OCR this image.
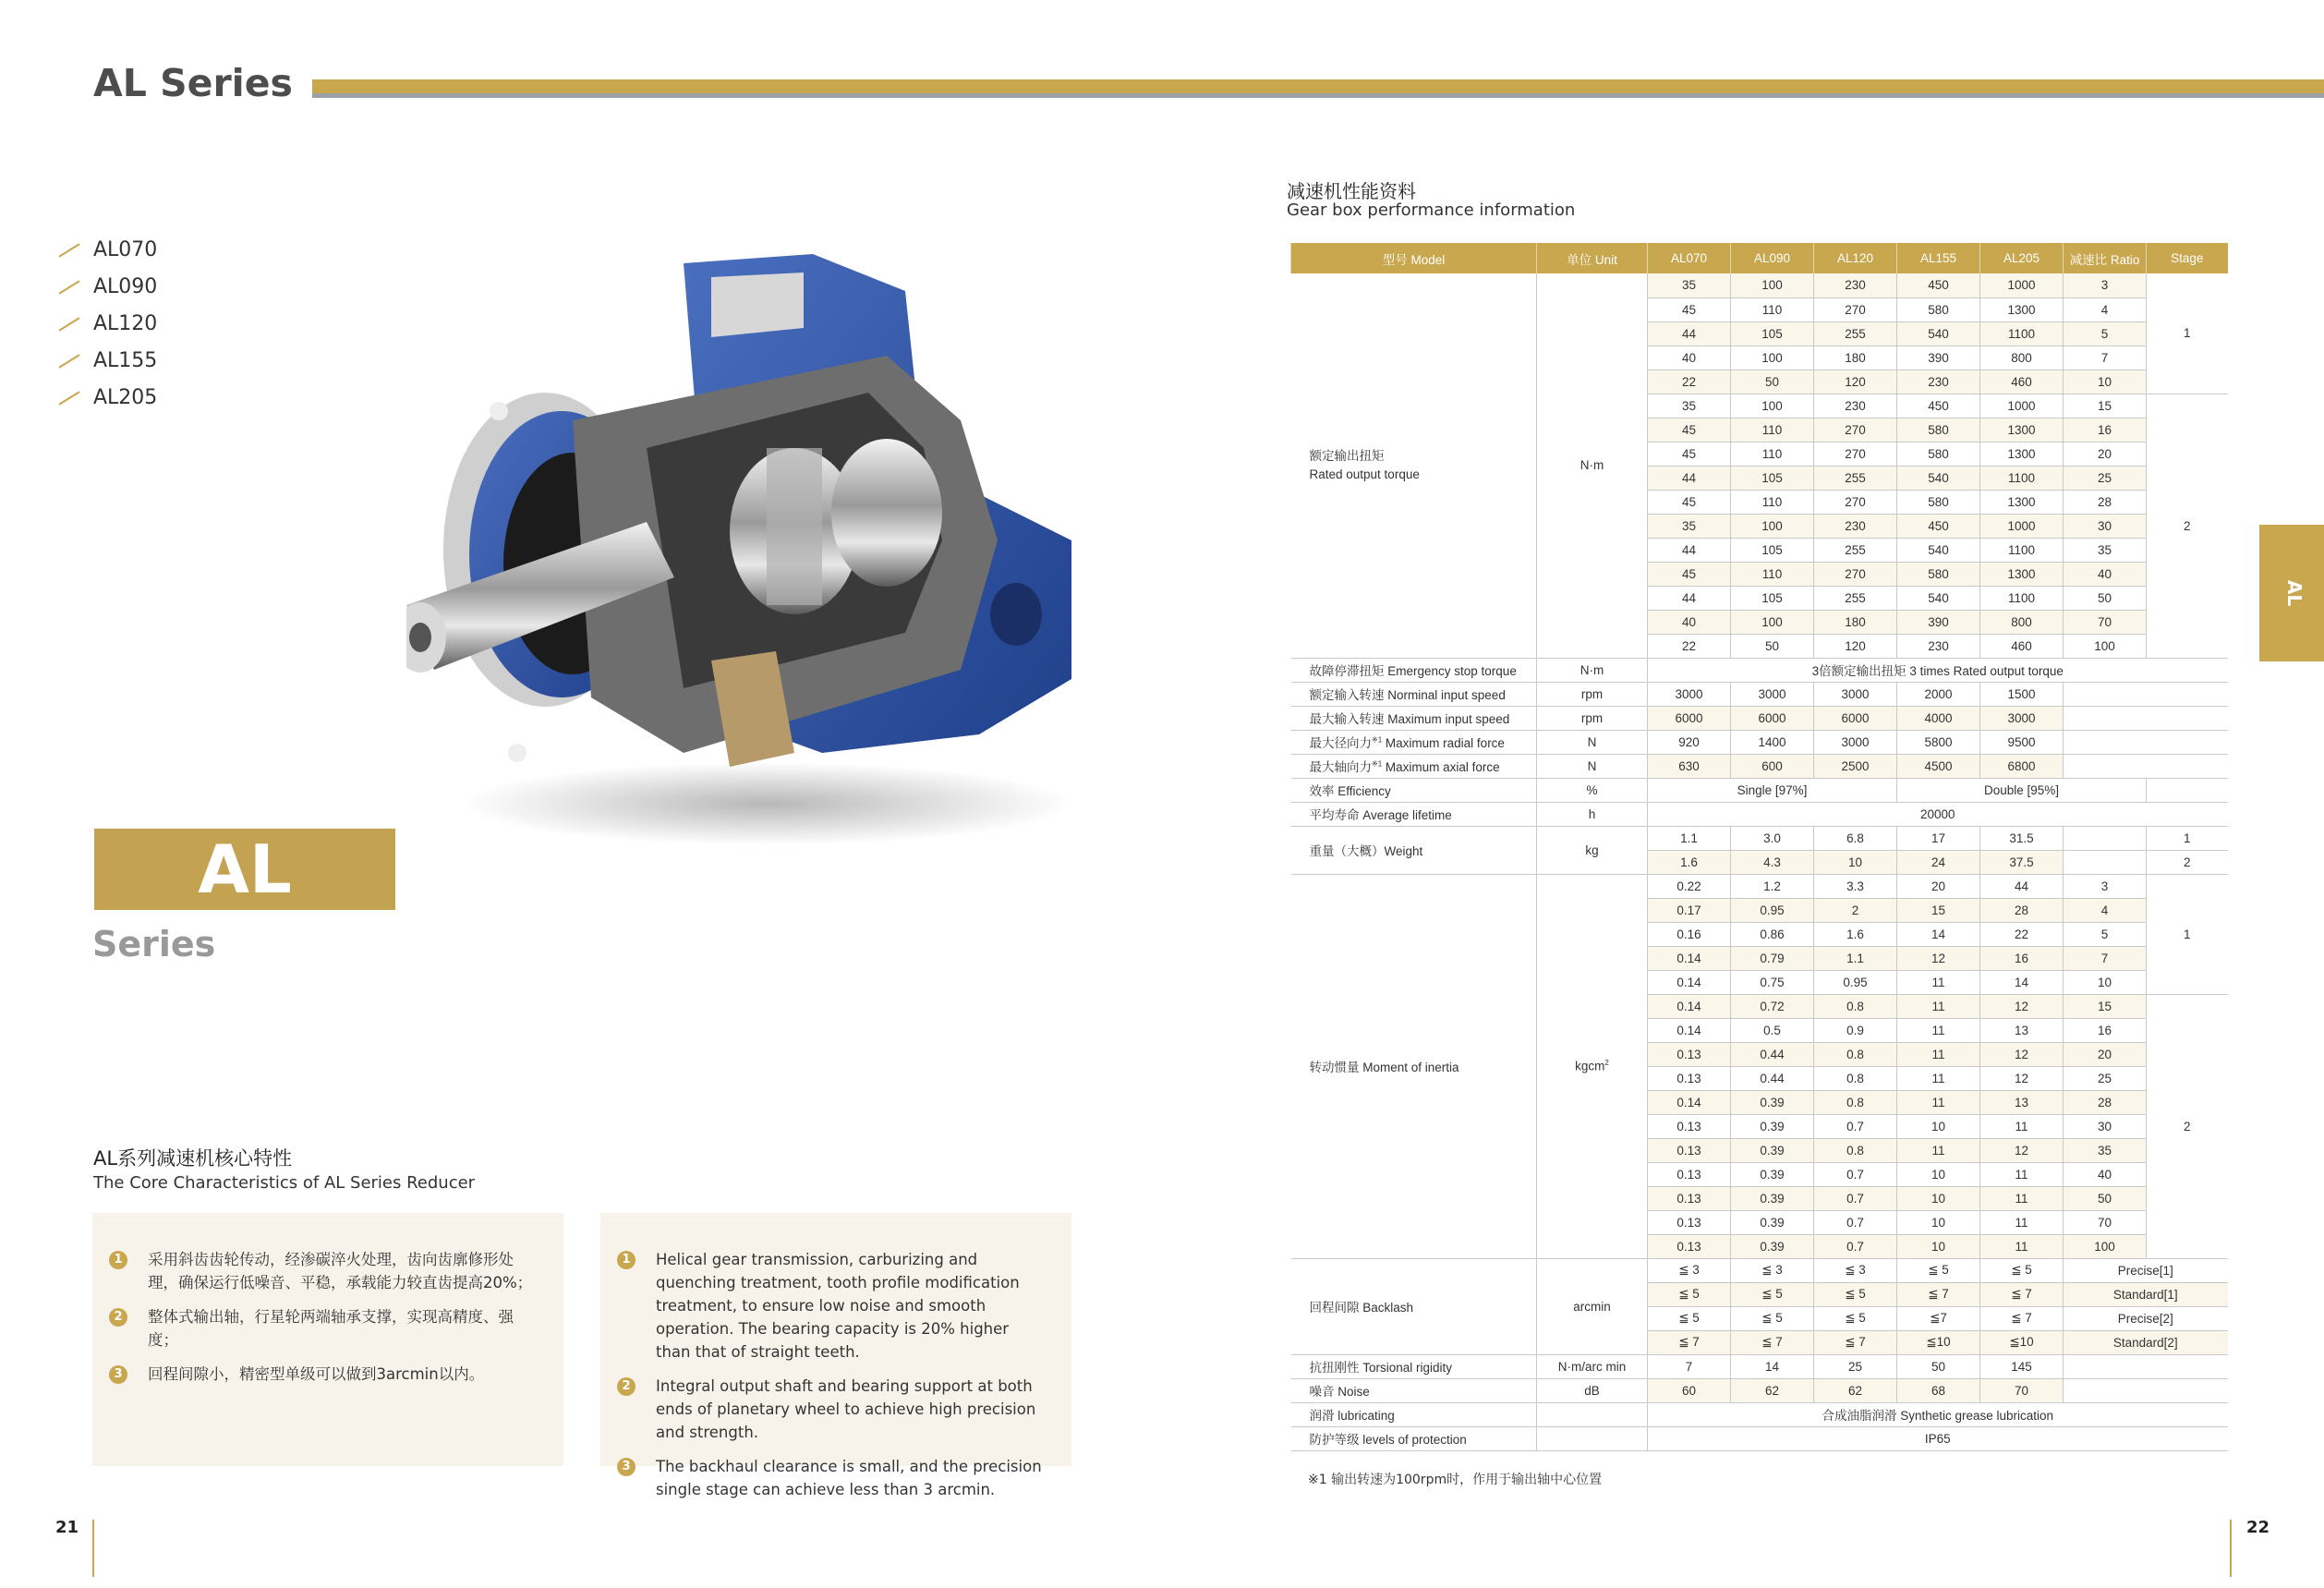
AL Series
AL070
AL090
AL120
AL155
AL205
AL
Series
AL系列减速机核心特性
The Core Characteristics of AL Series Reducer
1	采用斜齿齿轮传动，经渗碳淬火处理，齿向齿廓修形处理，确保运行低噪音、平稳，承载能力较直齿提高20%；
2	整体式输出轴，行星轮两端轴承支撑，实现高精度、强度；
3	回程间隙小，精密型单级可以做到3arcmin以内。
1	Helical gear transmission, carburizing and quenching treatment, tooth profile modification treatment, to ensure low noise and smooth operation. The bearing capacity is 20% higher than that of straight teeth.
2	Integral output shaft and bearing support at both ends of planetary wheel to achieve high precision and strength.
3	The backhaul clearance is small, and the precision single stage can achieve less than 3 arcmin.
21	22
减速机性能资料
Gear box performance information
AL
型号 Model	单位 Unit	AL070	AL090	AL120	AL155	AL205	减速比 Ratio	Stage
额定输出扭矩
Rated output torque	N·m	35	100	230	450	1000	3	1
		45	110	270	580	1300	4	
		44	105	255	540	1100	5	
		40	100	180	390	800	7	
		22	50	120	230	460	10	
		35	100	230	450	1000	15	2
		45	110	270	580	1300	16	
		45	110	270	580	1300	20	
		44	105	255	540	1100	25	
		45	110	270	580	1300	28	
		35	100	230	450	1000	30	
		44	105	255	540	1100	35	
		45	110	270	580	1300	40	
		44	105	255	540	1100	50	
		40	100	180	390	800	70	
		22	50	120	230	460	100	
故障停滞扭矩 Emergency stop torque	N·m	3倍额定输出扭矩 3 times Rated output torque						
额定输入转速 Norminal input speed	rpm	3000	3000	3000	2000	1500		
最大输入转速 Maximum input speed	rpm	6000	6000	6000	4000	3000		
最大径向力$^{※1}$ Maximum radial force	N	920	1400	3000	5800	9500		
最大轴向力$^{※1}$ Maximum axial force	N	630	600	2500	4500	6800		
效率 Efficiency	%	Single [97%]			Double [95%]			
平均寿命 Average lifetime	h	20000						
重量（大概）Weight	kg	1.1	3.0	6.8	17	31.5		1
		1.6	4.3	10	24	37.5		2
转动惯量 Moment of inertia	kgcm$^2$	0.22	1.2	3.3	20	44	3	1
		0.17	0.95	2	15	28	4	
		0.16	0.86	1.6	14	22	5	
		0.14	0.79	1.1	12	16	7	
		0.14	0.75	0.95	11	14	10	
		0.14	0.72	0.8	11	12	15	2
		0.14	0.5	0.9	11	13	16	
		0.13	0.44	0.8	11	12	20	
		0.13	0.44	0.8	11	12	25	
		0.14	0.39	0.8	11	13	28	
		0.13	0.39	0.7	10	11	30	
		0.13	0.39	0.8	11	12	35	
		0.13	0.39	0.7	10	11	40	
		0.13	0.39	0.7	10	11	50	
		0.13	0.39	0.7	10	11	70	
		0.13	0.39	0.7	10	11	100	
回程间隙 Backlash	arcmin	≦ 3	≦ 3	≦ 3	≦ 5	≦ 5	Precise[1]	
		≦ 5	≦ 5	≦ 5	≦ 7	≦ 7	Standard[1]	
		≦ 5	≦ 5	≦ 5	≦7	≦ 7	Precise[2]	
		≦ 7	≦ 7	≦ 7	≦10	≦10	Standard[2]	
抗扭刚性 Torsional rigidity	N·m/arc min	7	14	25	50	145		
噪音 Noise	dB	60	62	62	68	70		
润滑 lubricating		合成油脂润滑 Synthetic grease lubrication						
防护等级 levels of protection		IP65						
※1 输出转速为100rpm时，作用于输出轴中心位置
